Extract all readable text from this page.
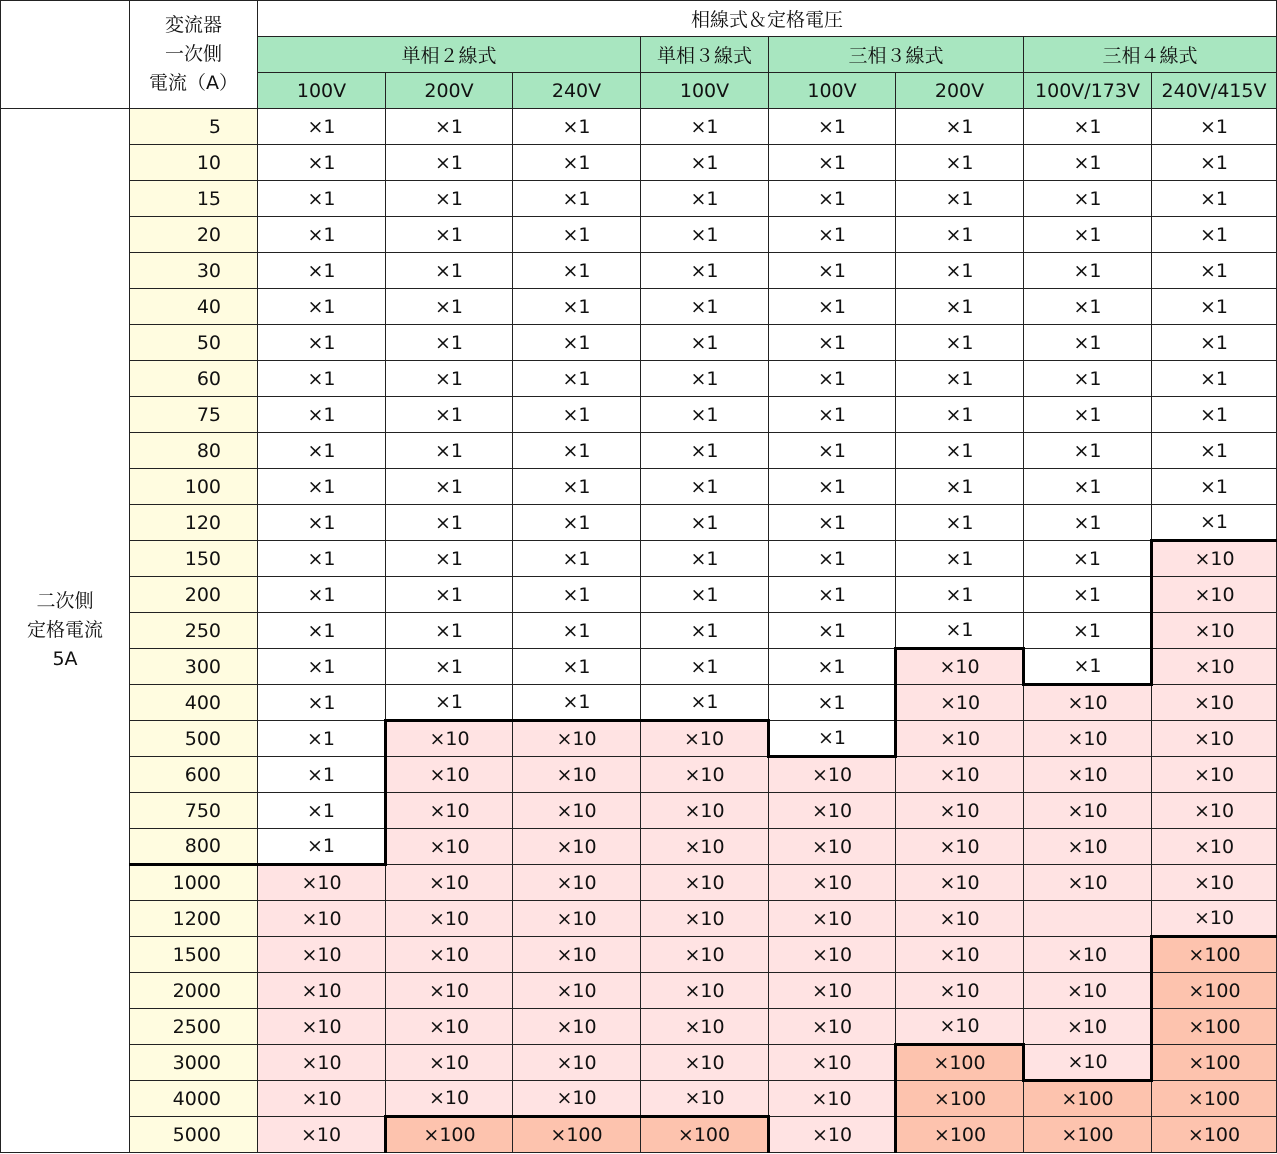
	変流器
一次側
電流（A）	相線式＆定格電圧							
		単相２線式			単相３線式	三相３線式		三相４線式	
		100V	200V	240V	100V	100V	200V	100V/173V	240V/415V
二次側
定格電流
5A	5	×1	×1	×1	×1	×1	×1	×1	×1
	10	×1	×1	×1	×1	×1	×1	×1	×1
	15	×1	×1	×1	×1	×1	×1	×1	×1
	20	×1	×1	×1	×1	×1	×1	×1	×1
	30	×1	×1	×1	×1	×1	×1	×1	×1
	40	×1	×1	×1	×1	×1	×1	×1	×1
	50	×1	×1	×1	×1	×1	×1	×1	×1
	60	×1	×1	×1	×1	×1	×1	×1	×1
	75	×1	×1	×1	×1	×1	×1	×1	×1
	80	×1	×1	×1	×1	×1	×1	×1	×1
	100	×1	×1	×1	×1	×1	×1	×1	×1
	120	×1	×1	×1	×1	×1	×1	×1	×1
	150	×1	×1	×1	×1	×1	×1	×1	×10
	200	×1	×1	×1	×1	×1	×1	×1	×10
	250	×1	×1	×1	×1	×1	×1	×1	×10
	300	×1	×1	×1	×1	×1	×10	×1	×10
	400	×1	×1	×1	×1	×1	×10	×10	×10
	500	×1	×10	×10	×10	×1	×10	×10	×10
	600	×1	×10	×10	×10	×10	×10	×10	×10
	750	×1	×10	×10	×10	×10	×10	×10	×10
	800	×1	×10	×10	×10	×10	×10	×10	×10
	1000	×10	×10	×10	×10	×10	×10	×10	×10
	1200	×10	×10	×10	×10	×10	×10		×10
	1500	×10	×10	×10	×10	×10	×10	×10	×100
	2000	×10	×10	×10	×10	×10	×10	×10	×100
	2500	×10	×10	×10	×10	×10	×10	×10	×100
	3000	×10	×10	×10	×10	×10	×100	×10	×100
	4000	×10	×10	×10	×10	×10	×100	×100	×100
	5000	×10	×100	×100	×100	×10	×100	×100	×100
